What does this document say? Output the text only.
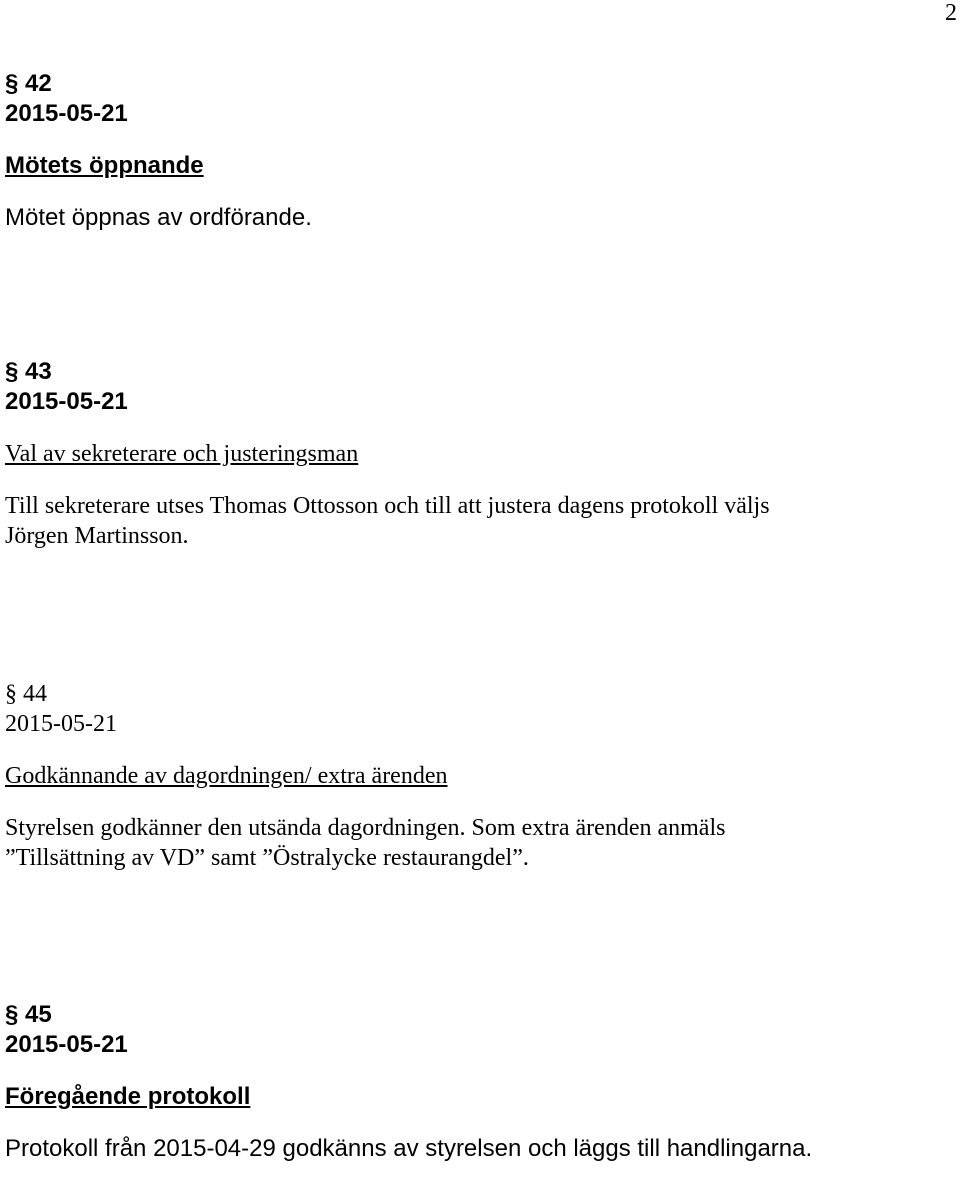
2
§ 42
2015-05-21
Mötets öppnande
Mötet öppnas av ordförande.
§ 43
2015-05-21
Val av sekreterare och justeringsman
Till sekreterare utses Thomas Ottosson och till att justera dagens protokoll väljs
Jörgen Martinsson.
§ 44
2015-05-21
Godkännande av dagordningen/ extra ärenden
Styrelsen godkänner den utsända dagordningen. Som extra ärenden anmäls
”Tillsättning av VD” samt ”Östralycke restaurangdel”.
§ 45
2015-05-21
Föregående protokoll
Protokoll från 2015-04-29 godkänns av styrelsen och läggs till handlingarna.
